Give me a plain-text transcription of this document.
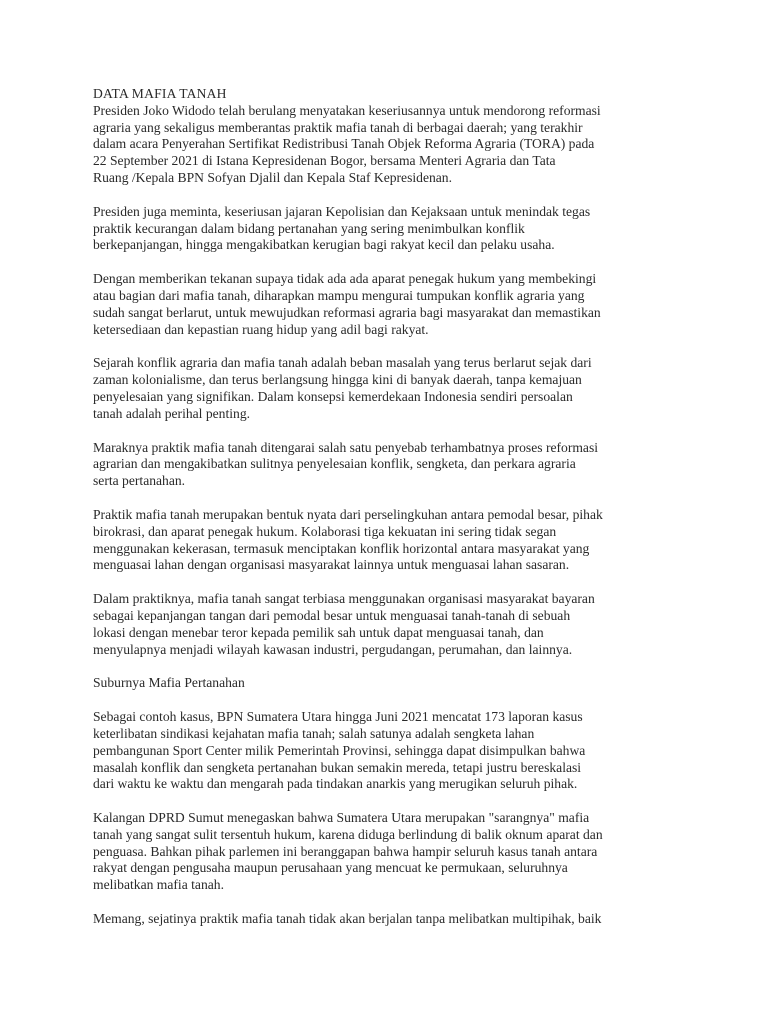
DATA MAFIA TANAH

Presiden Joko Widodo telah berulang menyatakan keseriusannya untuk mendorong reformasi
agraria yang sekaligus memberantas praktik mafia tanah di berbagai daerah; yang terakhir
dalam acara Penyerahan Sertifikat Redistribusi Tanah Objek Reforma Agraria (TORA) pada
22 September 2021 di Istana Kepresidenan Bogor, bersama Menteri Agraria dan Tata
Ruang /Kepala BPN Sofyan Djalil dan Kepala Staf Kepresidenan.

Presiden juga meminta, keseriusan jajaran Kepolisian dan Kejaksaan untuk menindak tegas
praktik kecurangan dalam bidang pertanahan yang sering menimbulkan konflik
berkepanjangan, hingga mengakibatkan kerugian bagi rakyat kecil dan pelaku usaha.

Dengan memberikan tekanan supaya tidak ada ada aparat penegak hukum yang membekingi
atau bagian dari mafia tanah, diharapkan mampu mengurai tumpukan konflik agraria yang
sudah sangat berlarut, untuk mewujudkan reformasi agraria bagi masyarakat dan memastikan
ketersediaan dan kepastian ruang hidup yang adil bagi rakyat.

Sejarah konflik agraria dan mafia tanah adalah beban masalah yang terus berlarut sejak dari
zaman kolonialisme, dan terus berlangsung hingga kini di banyak daerah, tanpa kemajuan
penyelesaian yang signifikan. Dalam konsepsi kemerdekaan Indonesia sendiri persoalan
tanah adalah perihal penting.

Maraknya praktik mafia tanah ditengarai salah satu penyebab terhambatnya proses reformasi
agrarian dan mengakibatkan sulitnya penyelesaian konflik, sengketa, dan perkara agraria
serta pertanahan.

Praktik mafia tanah merupakan bentuk nyata dari perselingkuhan antara pemodal besar, pihak
birokrasi, dan aparat penegak hukum. Kolaborasi tiga kekuatan ini sering tidak segan
menggunakan kekerasan, termasuk menciptakan konflik horizontal antara masyarakat yang
menguasai lahan dengan organisasi masyarakat lainnya untuk menguasai lahan sasaran.

Dalam praktiknya, mafia tanah sangat terbiasa menggunakan organisasi masyarakat bayaran
sebagai kepanjangan tangan dari pemodal besar untuk menguasai tanah-tanah di sebuah
lokasi dengan menebar teror kepada pemilik sah untuk dapat menguasai tanah, dan
menyulapnya menjadi wilayah kawasan industri, pergudangan, perumahan, dan lainnya.

Suburnya Mafia Pertanahan

Sebagai contoh kasus, BPN Sumatera Utara hingga Juni 2021 mencatat 173 laporan kasus
keterlibatan sindikasi kejahatan mafia tanah; salah satunya adalah sengketa lahan
pembangunan Sport Center milik Pemerintah Provinsi, sehingga dapat disimpulkan bahwa
masalah konflik dan sengketa pertanahan bukan semakin mereda, tetapi justru bereskalasi
dari waktu ke waktu dan mengarah pada tindakan anarkis yang merugikan seluruh pihak.

Kalangan DPRD Sumut menegaskan bahwa Sumatera Utara merupakan "sarangnya" mafia
tanah yang sangat sulit tersentuh hukum, karena diduga berlindung di balik oknum aparat dan
penguasa. Bahkan pihak parlemen ini beranggapan bahwa hampir seluruh kasus tanah antara
rakyat dengan pengusaha maupun perusahaan yang mencuat ke permukaan, seluruhnya
melibatkan mafia tanah.

Memang, sejatinya praktik mafia tanah tidak akan berjalan tanpa melibatkan multipihak, baik
